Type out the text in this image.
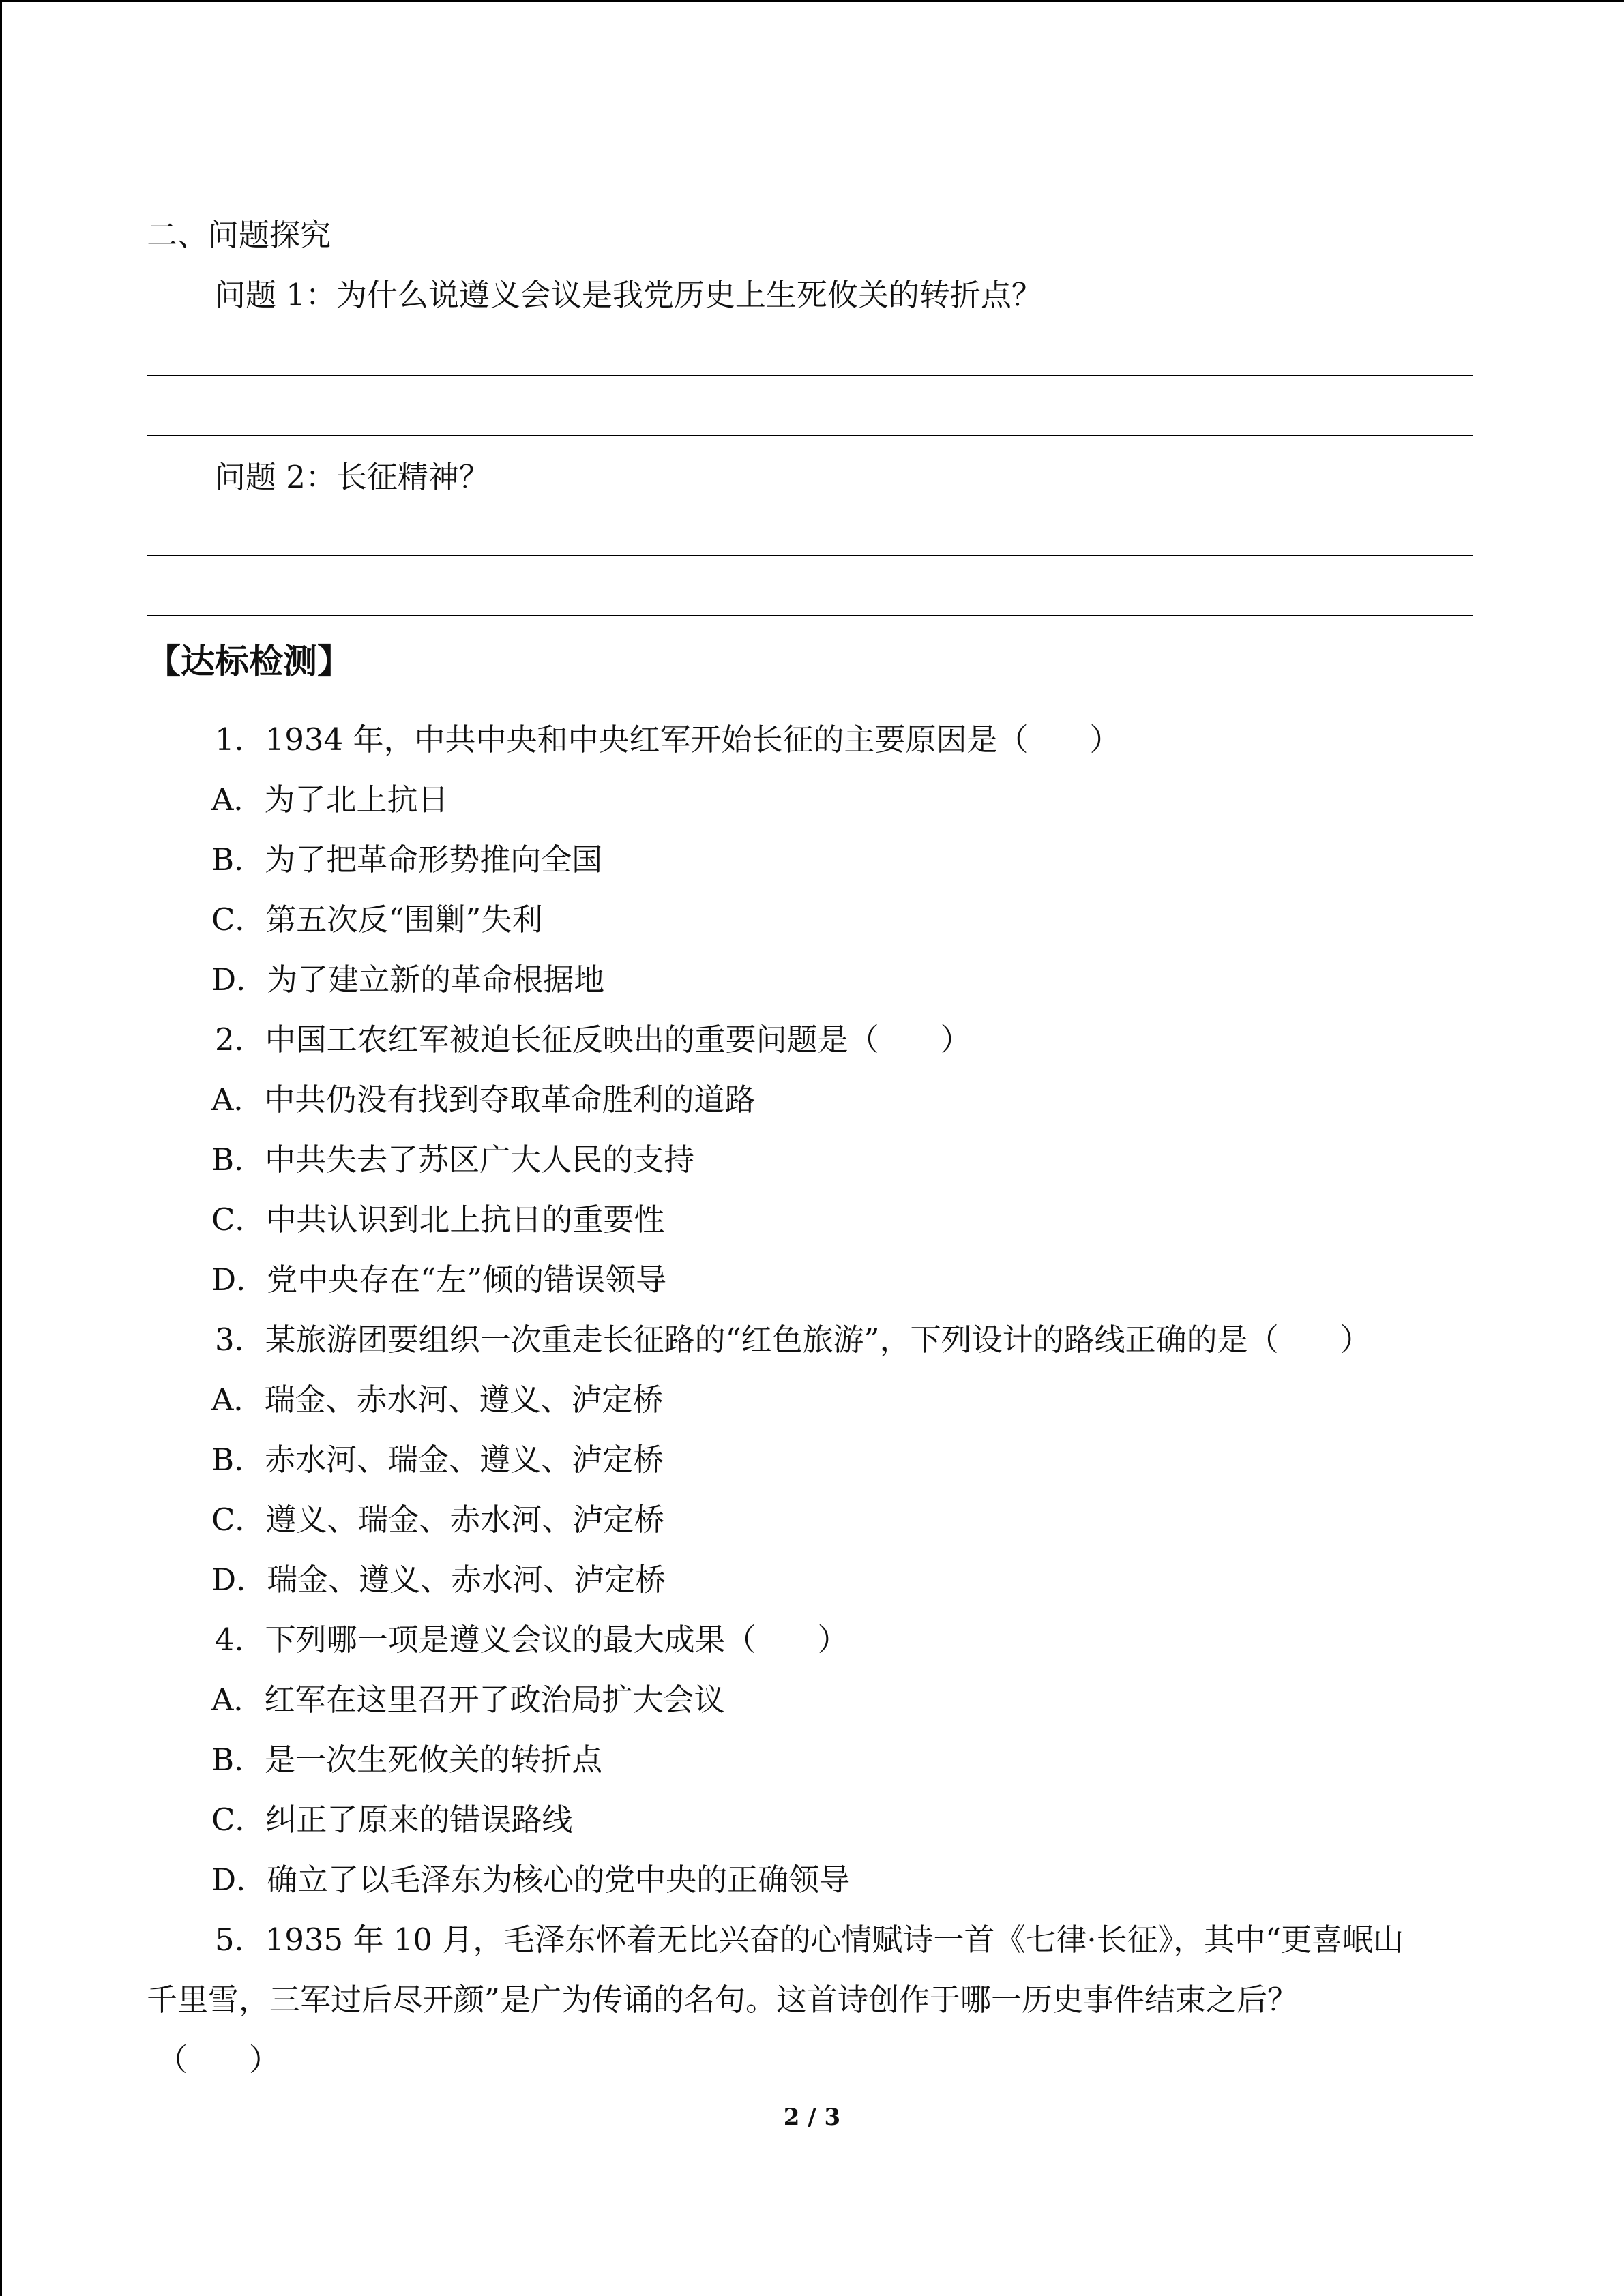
二、问题探究
问题 1：为什么说遵义会议是我党历史上生死攸关的转折点？
问题 2：长征精神？
【达标检测】
1．1934 年，中共中央和中央红军开始长征的主要原因是（　　）
A．为了北上抗日
B．为了把革命形势推向全国
C．第五次反“围剿”失利
D．为了建立新的革命根据地
2．中国工农红军被迫长征反映出的重要问题是（　　）
A．中共仍没有找到夺取革命胜利的道路
B．中共失去了苏区广大人民的支持
C．中共认识到北上抗日的重要性
D．党中央存在“左”倾的错误领导
3．某旅游团要组织一次重走长征路的“红色旅游”，下列设计的路线正确的是（　　）
A．瑞金、赤水河、遵义、泸定桥
B．赤水河、瑞金、遵义、泸定桥
C．遵义、瑞金、赤水河、泸定桥
D．瑞金、遵义、赤水河、泸定桥
4．下列哪一项是遵义会议的最大成果（　　）
A．红军在这里召开了政治局扩大会议
B．是一次生死攸关的转折点
C．纠正了原来的错误路线
D．确立了以毛泽东为核心的党中央的正确领导
5．1935 年 10 月，毛泽东怀着无比兴奋的心情赋诗一首《七律·长征》，其中“更喜岷山
千里雪，三军过后尽开颜”是广为传诵的名句。这首诗创作于哪一历史事件结束之后？
（　　）
2 / 3
